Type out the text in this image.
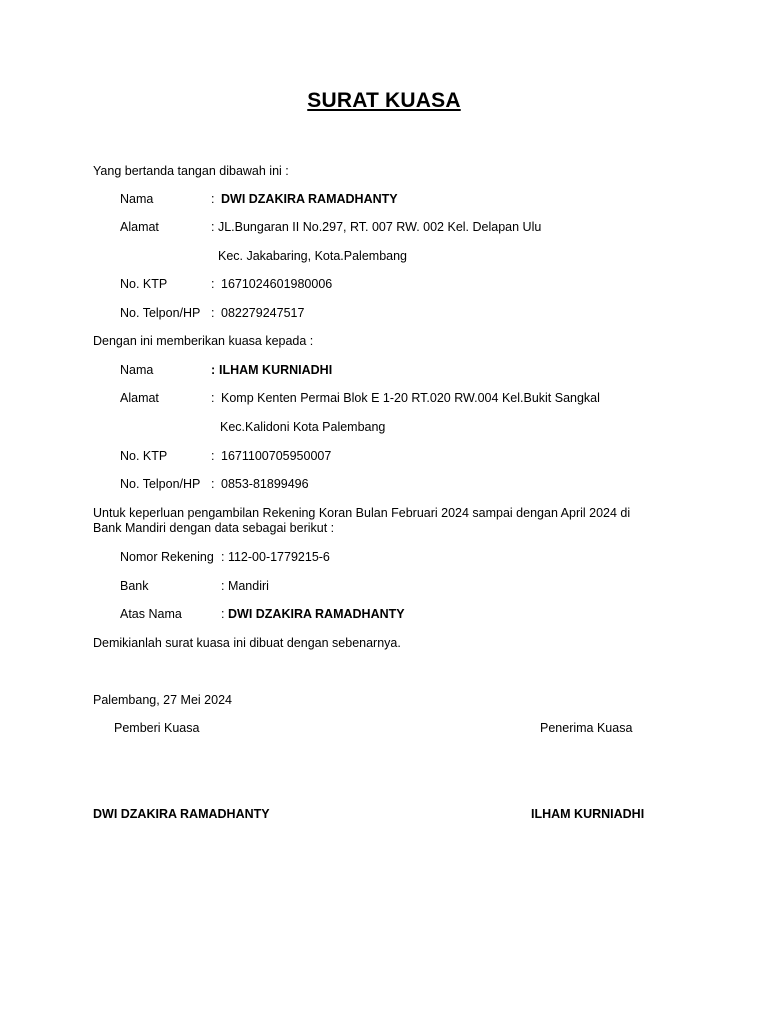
SURAT KUASA
Yang bertanda tangan dibawah ini :
Nama	: DWI DZAKIRA RAMADHANTY
Alamat	: JL.Bungaran II No.297, RT. 007 RW. 002 Kel. Delapan Ulu
Kec. Jakabaring, Kota.Palembang
No. KTP	: 1671024601980006
No. Telpon/HP : 082279247517
Dengan ini memberikan kuasa kepada :
Nama	: ILHAM KURNIADHI
Alamat	: Komp Kenten Permai Blok E 1-20 RT.020 RW.004 Kel.Bukit Sangkal
Kec.Kalidoni Kota Palembang
No. KTP	: 1671100705950007
No. Telpon/HP : 0853-81899496
Untuk keperluan pengambilan Rekening Koran Bulan Februari 2024 sampai dengan April 2024 di Bank Mandiri dengan data sebagai berikut :
Nomor Rekening : 112-00-1779215-6
Bank	: Mandiri
Atas Nama	: DWI DZAKIRA RAMADHANTY
Demikianlah surat kuasa ini dibuat dengan sebenarnya.
Palembang, 27 Mei 2024
Pemberi Kuasa	Penerima Kuasa
DWI DZAKIRA RAMADHANTY	ILHAM KURNIADHI
